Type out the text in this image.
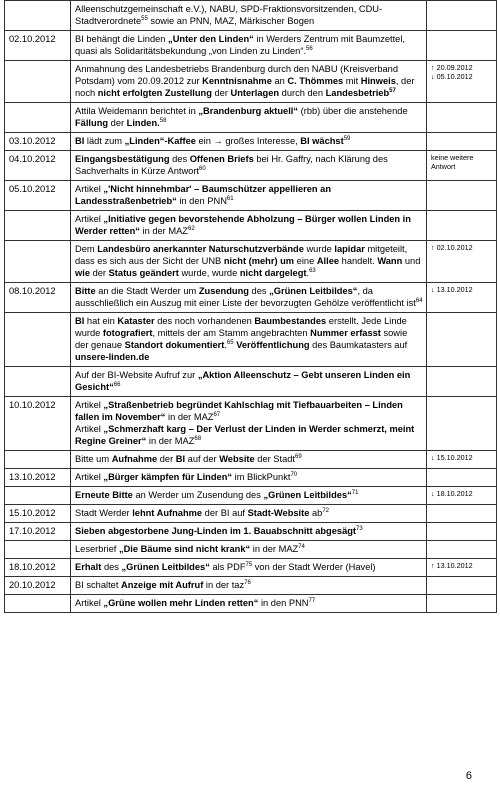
	Alleenschutzgemeinschaft e.V.), NABU, SPD-Fraktionsvorsitzenden, CDU-Stadtverordnete$^{55}$ sowie an PNN, MAZ, Märkischer Bogen	
02.10.2012	BI behängt die Linden „Unter den Linden“ in Werders Zentrum mit Baumzettel, quasi als Solidaritätsbekundung „von Linden zu Linden“.$^{56}$	
	Anmahnung des Landesbetriebs Brandenburg durch den NABU (Kreisverband Potsdam) vom 20.09.2012 zur Kenntnisnahme an C. Thömmes mit Hinweis, der noch nicht erfolgten Zustellung der Unterlagen durch den Landesbetrieb$^{57}$	↑ 20.09.2012
↓ 05.10.2012
	Attila Weidemann berichtet in „Brandenburg aktuell“ (rbb) über die anstehende Fällung der Linden.$^{58}$	
03.10.2012	BI lädt zum „Linden“-Kaffee ein → großes Interesse, BI wächst$^{59}$	
04.10.2012	Eingangsbestätigung des Offenen Briefs bei Hr. Gaffry, nach Klärung des Sachverhalts in Kürze Antwort$^{60}$	keine weitere Antwort
05.10.2012	Artikel „'Nicht hinnehmbar' – Baumschützer appellieren an Landesstraßenbetrieb“ in den PNN$^{61}$	
	Artikel „Initiative gegen bevorstehende Abholzung – Bürger wollen Linden in Werder retten“ in der MAZ$^{62}$	
	Dem Landesbüro anerkannter Naturschutzverbände wurde lapidar mitgeteilt, dass es sich aus der Sicht der UNB nicht (mehr) um eine Allee handelt. Wann und wie der Status geändert wurde, wurde nicht dargelegt.$^{63}$	↑ 02.10.2012
08.10.2012	Bitte an die Stadt Werder um Zusendung des „Grünen Leitbildes“, da ausschließlich ein Auszug mit einer Liste der bevorzugten Gehölze veröffentlicht ist$^{64}$	↓ 13.10.2012
	BI hat ein Kataster des noch vorhandenen Baumbestandes erstellt. Jede Linde wurde fotografiert, mittels der am Stamm angebrachten Nummer erfasst sowie der genaue Standort dokumentiert.$^{65}$ Veröffentlichung des Baumkatasters auf unsere-linden.de	
	Auf der BI-Website Aufruf zur „Aktion Alleenschutz – Gebt unseren Linden ein Gesicht“$^{66}$	
10.10.2012	Artikel „Straßenbetrieb begründet Kahlschlag mit Tiefbauarbeiten – Linden fallen im November“ in der MAZ$^{67}$
Artikel „Schmerzhaft karg – Der Verlust der Linden in Werder schmerzt, meint Regine Greiner“ in der MAZ$^{68}$	
	Bitte um Aufnahme der BI auf der Website der Stadt$^{69}$	↓ 15.10.2012
13.10.2012	Artikel „Bürger kämpfen für Linden“ im BlickPunkt$^{70}$	
	Erneute Bitte an Werder um Zusendung des „Grünen Leitbildes“$^{71}$	↓ 18.10.2012
15.10.2012	Stadt Werder lehnt Aufnahme der BI auf Stadt-Website $ab^{72}$	
17.10.2012	Sieben abgestorbene Jung-Linden im 1. Bauabschnitt abgesägt$^{73}$	
	Leserbrief „Die Bäume sind nicht krank“ in der MAZ$^{74}$	
18.10.2012	Erhalt des „Grünen Leitbildes“ als PDF$^{75}$ von der Stadt Werder (Havel)	↑ 13.10.2012
20.10.2012	BI schaltet Anzeige mit Aufruf in der taz$^{76}$	
	Artikel „Grüne wollen mehr Linden retten“ in den PNN$^{77}$	
6
